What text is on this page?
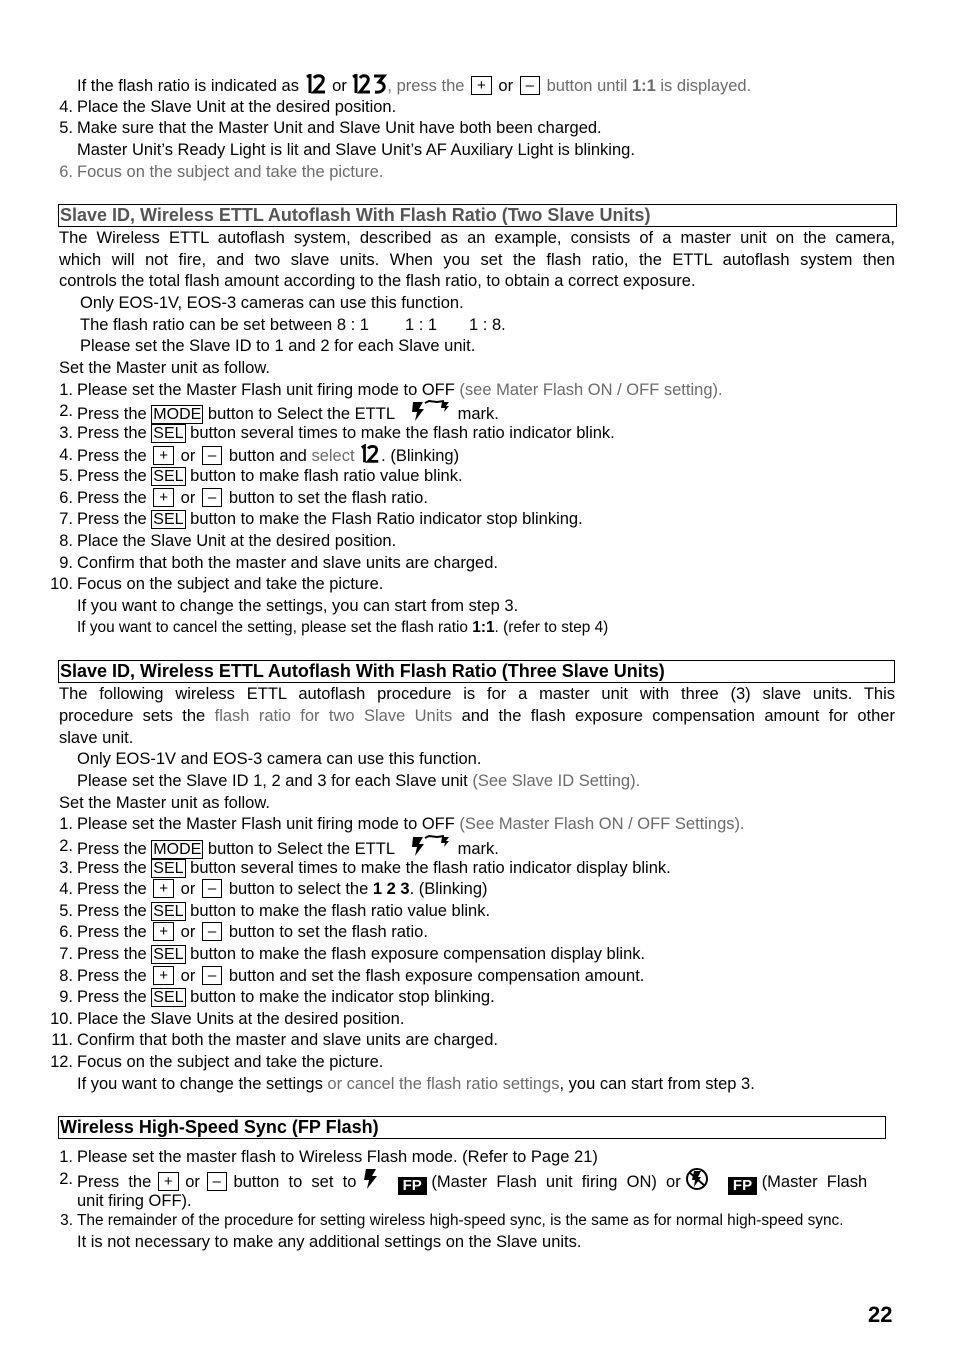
If the flash ratio is indicated as or , press the + or – button until 1:1 is displayed.
4. Place the Slave Unit at the desired position.
5. Make sure that the Master Unit and Slave Unit have both been charged.
Master Unit’s Ready Light is lit and Slave Unit’s AF Auxiliary Light is blinking.
6. Focus on the subject and take the picture.
Slave ID, Wireless ETTL Autoflash With Flash Ratio (Two Slave Units)
The Wireless ETTL autoflash system, described as an example, consists of a master unit on the camera,
which will not fire, and two slave units. When you set the flash ratio, the ETTL autoflash system then
controls the total flash amount according to the flash ratio, to obtain a correct exposure.
Only EOS-1V, EOS-3 cameras can use this function.
The flash ratio can be set between 8 : 1 1 : 1 1 : 8.
Please set the Slave ID to 1 and 2 for each Slave unit.
Set the Master unit as follow.
1. Please set the Master Flash unit firing mode to OFF (see Mater Flash ON / OFF setting).
2. Press the MODE button to Select the ETTL	mark.
3. Press the SEL button several times to make the flash ratio indicator blink.
4. Press the + or – button and select . (Blinking)
5. Press the SEL button to make flash ratio value blink.
6. Press the + or – button to set the flash ratio.
7. Press the SEL button to make the Flash Ratio indicator stop blinking.
8. Place the Slave Unit at the desired position.
9. Confirm that both the master and slave units are charged.
10. Focus on the subject and take the picture.
If you want to change the settings, you can start from step 3.
If you want to cancel the setting, please set the flash ratio 1:1. (refer to step 4)
Slave ID, Wireless ETTL Autoflash With Flash Ratio (Three Slave Units)
The following wireless ETTL autoflash procedure is for a master unit with three (3) slave units. This
procedure sets the flash ratio for two Slave Units and the flash exposure compensation amount for other
slave unit.
Only EOS-1V and EOS-3 camera can use this function.
Please set the Slave ID 1, 2 and 3 for each Slave unit (See Slave ID Setting).
Set the Master unit as follow.
1. Please set the Master Flash unit firing mode to OFF (See Master Flash ON / OFF Settings).
2. Press the MODE button to Select the ETTL	mark.
3. Press the SEL button several times to make the flash ratio indicator display blink.
4. Press the + or – button to select the 1 2 3. (Blinking)
5. Press the SEL button to make the flash ratio value blink.
6. Press the + or – button to set the flash ratio.
7. Press the SEL button to make the flash exposure compensation display blink.
8. Press the + or – button and set the flash exposure compensation amount.
9. Press the SEL button to make the indicator stop blinking.
10. Place the Slave Units at the desired position.
11. Confirm that both the master and slave units are charged.
12. Focus on the subject and take the picture.
If you want to change the settings or cancel the flash ratio settings, you can start from step 3.
Wireless High-Speed Sync (FP Flash)
1. Please set the master flash to Wireless Flash mode. (Refer to Page 21)
2. Press  the + or – button  to  set  to	FP (Master  Flash  unit  firing  ON)  or	FP (Master  Flash
unit firing OFF).
3. The remainder of the procedure for setting wireless high-speed sync, is the same as for normal high-speed sync.
It is not necessary to make any additional settings on the Slave units.
22
